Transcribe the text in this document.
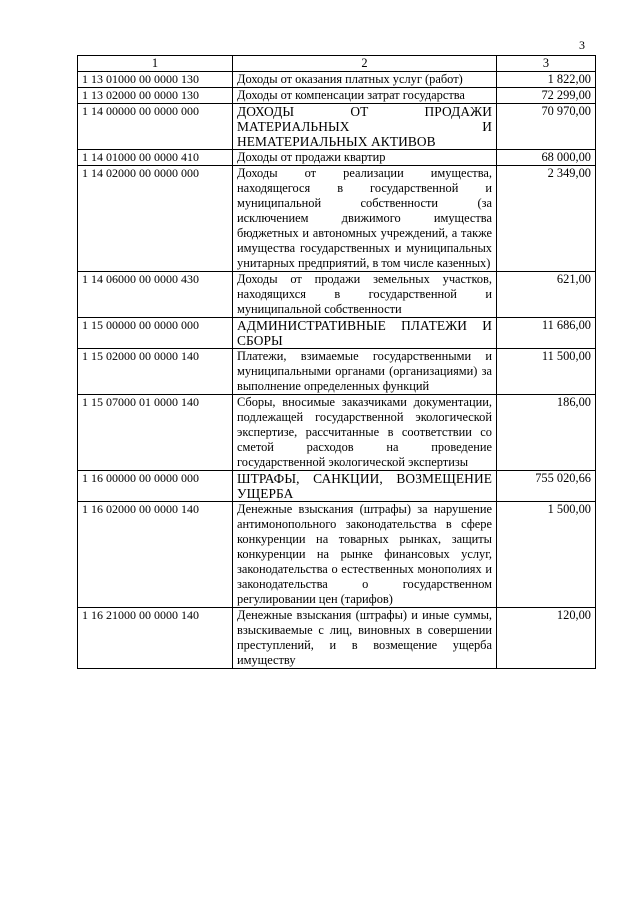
3
1	2	3
1 13 01000 00 0000 130	Доходы от оказания платных услуг (работ)	1 822,00
1 13 02000 00 0000 130	Доходы от компенсации затрат государства	72 299,00
1 14 00000 00 0000 000	ДОХОДЫ ОТ ПРОДАЖИ МАТЕРИАЛЬНЫХ И НЕМАТЕРИАЛЬНЫХ АКТИВОВ	70 970,00
1 14 01000 00 0000 410	Доходы от продажи квартир	68 000,00
1 14 02000 00 0000 000	Доходы от реализации имущества, находящегося в государственной и муниципальной собственности (за исключением движимого имущества бюджетных и автономных учреждений, а также имущества государственных и муниципальных унитарных предприятий, в том числе казенных)	2 349,00
1 14 06000 00 0000 430	Доходы от продажи земельных участков, находящихся в государственной и муниципальной собственности	621,00
1 15 00000 00 0000 000	АДМИНИСТРАТИВНЫЕ ПЛАТЕЖИ И СБОРЫ	11 686,00
1 15 02000 00 0000 140	Платежи, взимаемые государственными и муниципальными органами (организациями) за выполнение определенных функций	11 500,00
1 15 07000 01 0000 140	Сборы, вносимые заказчиками документации, подлежащей государственной экологической экспертизе, рассчитанные в соответствии со сметой расходов на проведение государственной экологической экспертизы	186,00
1 16 00000 00 0000 000	ШТРАФЫ, САНКЦИИ, ВОЗМЕЩЕНИЕ УЩЕРБА	755 020,66
1 16 02000 00 0000 140	Денежные взыскания (штрафы) за нарушение антимонопольного законодательства в сфере конкуренции на товарных рынках, защиты конкуренции на рынке финансовых услуг, законодательства о естественных монополиях и законодательства о государственном регулировании цен (тарифов)	1 500,00
1 16 21000 00 0000 140	Денежные взыскания (штрафы) и иные суммы, взыскиваемые с лиц, виновных в совершении преступлений, и в возмещение ущерба имуществу	120,00
